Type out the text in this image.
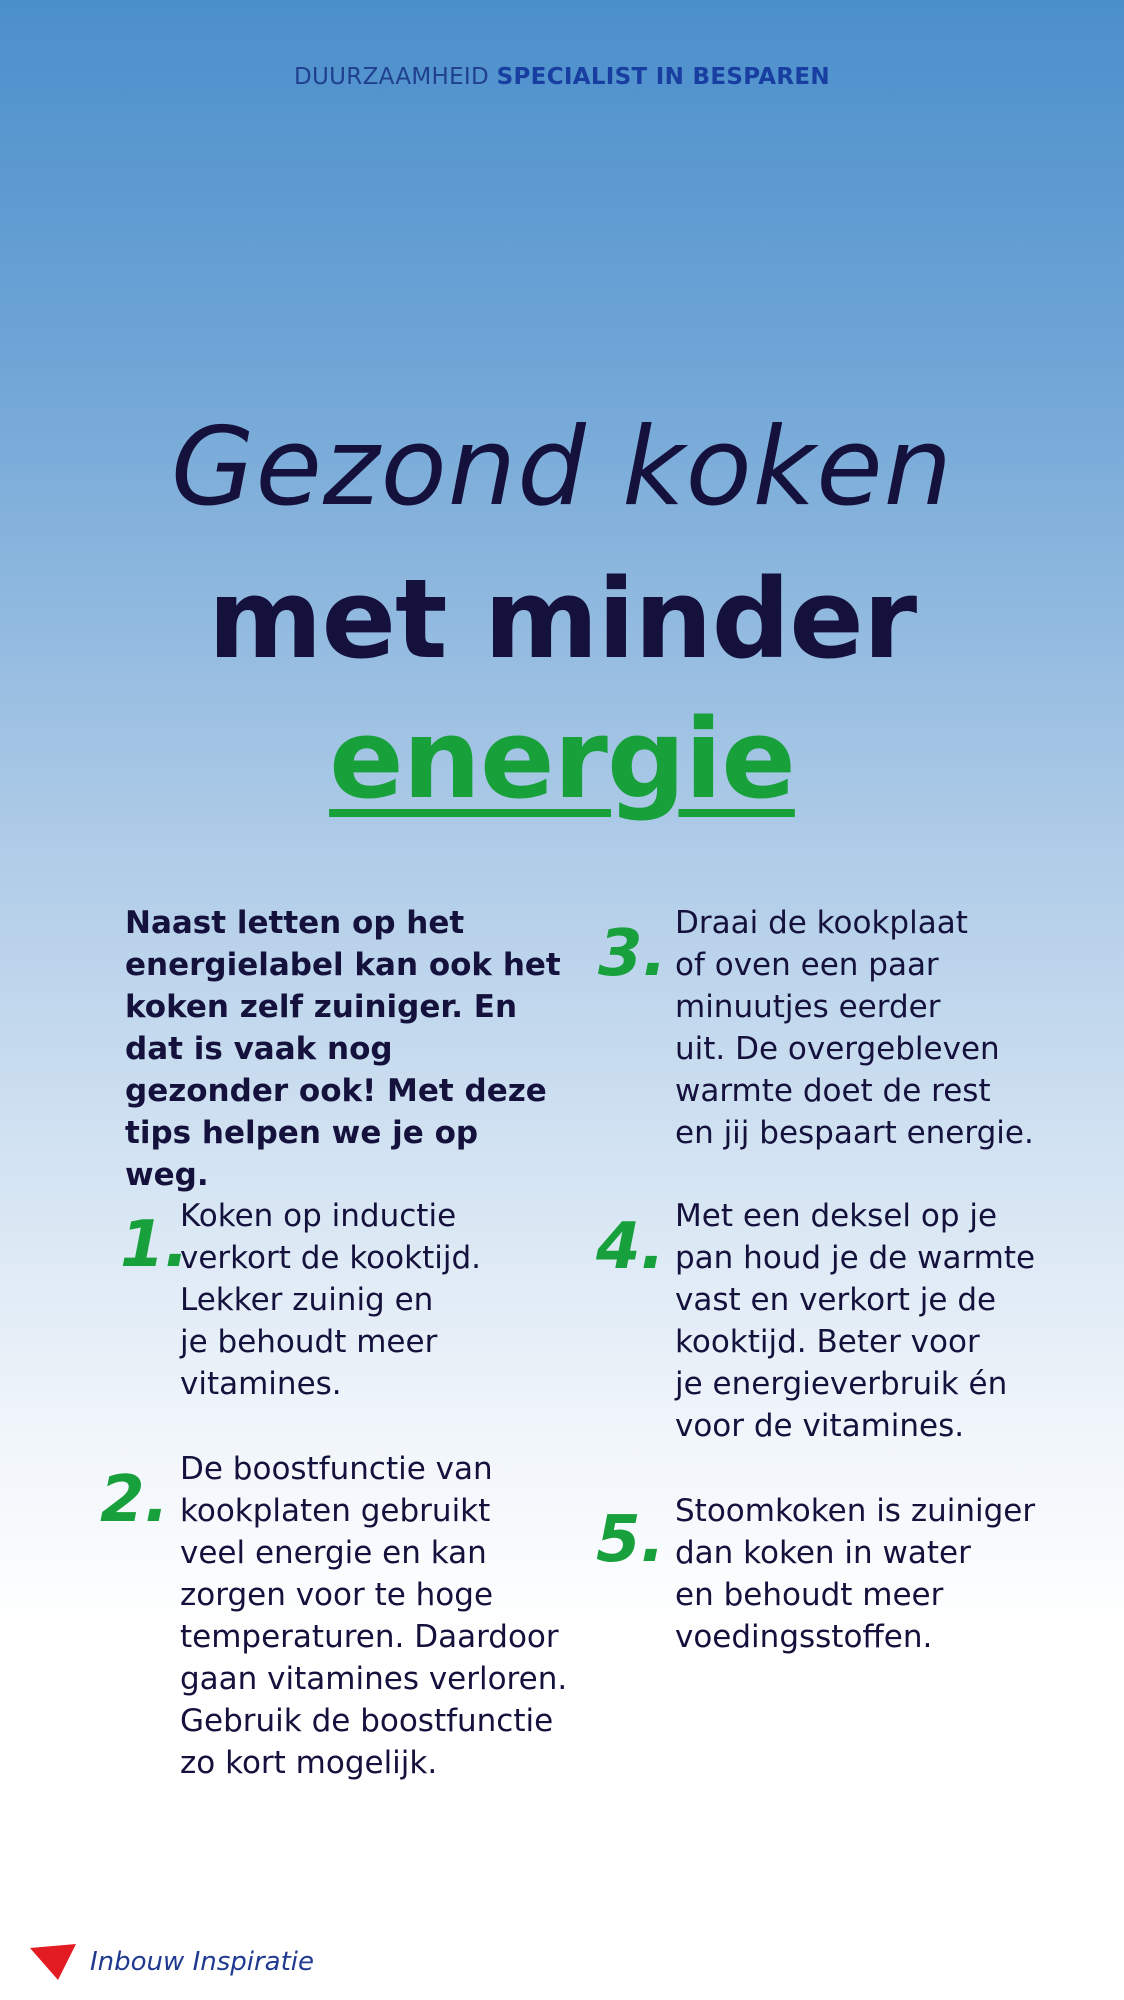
DUURZAAMHEID SPECIALIST IN BESPAREN
Gezond koken
met minder
energie
Naast letten op het energielabel kan ook het koken zelf zuiniger. En dat is vaak nog gezonder ook! Met deze tips helpen we je op weg.
1.
Koken op inductie
verkort de kooktijd.
Lekker zuinig en
je behoudt meer
vitamines.
2. De boostfunctie van
kookplaten gebruikt
veel energie en kan
zorgen voor te hoge
temperaturen. Daardoor
gaan vitamines verloren.
Gebruik de boostfunctie
zo kort mogelijk.
3. Draai de kookplaat
of oven een paar
minuutjes eerder
uit. De overgebleven
warmte doet de rest
en jij bespaart energie.
4. Met een deksel op je
pan houd je de warmte
vast en verkort je de
kooktijd. Beter voor
je energieverbruik én
voor de vitamines.
5. Stoomkoken is zuiniger
dan koken in water
en behoudt meer
voedingsstoffen.
Inbouw Inspiratie
